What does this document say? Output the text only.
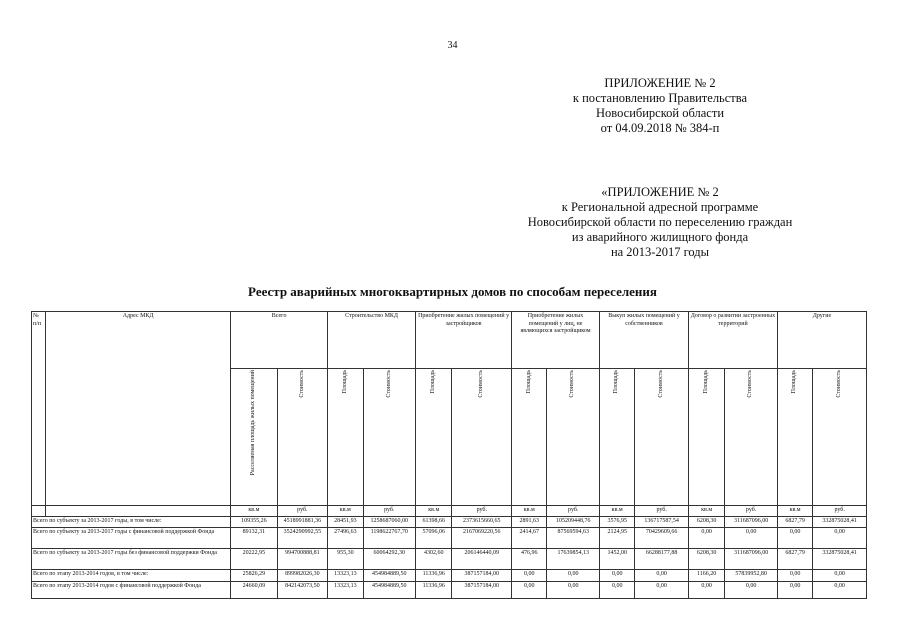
34
ПРИЛОЖЕНИЕ № 2
к постановлению Правительства
Новосибирской области
от 04.09.2018 № 384-п
«ПРИЛОЖЕНИЕ № 2
к Региональной адресной программе
Новосибирской области по переселению граждан
из аварийного жилищного фонда
на 2013-2017 годы
Реестр аварийных многоквартирных домов по способам переселения
№ п/п	Адрес МКД	Всего		Строительство МКД		Приобретение жилых помещений у застройщиков		Приобретение жилых помещений у лиц, не являющихся застройщиком		Выкуп жилых помещений у собственников		Договор о развитии застроенных территорий		Другие	
		Расселяемая площадь жилых помещений	Стоимость	Площадь	Стоимость	Площадь	Стоимость	Площадь	Стоимость	Площадь	Стоимость	Площадь	Стоимость	Площадь	Стоимость
		кв.м	руб.	кв.м	руб.	кв.м	руб.	кв.м	руб.	кв.м	руб.	кв.м	руб.	кв.м	руб.
Всего по субъекту за 2013-2017 годы, в том числе:		109355,26	4518991881,36	28451,93	1258687060,00	61398,66	2373615660,65	2891,63	105209448,76	3576,95	136717587,54	6208,30	311687096,00	6827,79	332875028,41
Всего по субъекту за 2013-2017 годы с финансовой поддержкой Фонда		89132,31	3524290992,55	27496,63	1198622767,70	57096,06	2167069220,56	2414,67	87569594,63	2124,95	70429609,66	0,00	0,00	0,00	0,00
Всего по субъекту за 2013-2017 годы без финансовой поддержки Фонда		20222,95	994700888,81	955,30	60064292,30	4302,60	206146440,09	476,96	17639854,13	1452,00	66288177,88	6208,30	311687096,00	6827,79	332875028,41
Всего по этапу 2013-2014 годов, в том числе:		25826,29	899982026,30	13323,13	454984889,50	11336,96	387157184,00	0,00	0,00	0,00	0,00	1166,20	57839952,80	0,00	0,00
Всего по этапу 2013-2014 годов с финансовой поддержкой Фонда		24660,09	842142073,50	13323,13	454984889,50	11336,96	387157184,00	0,00	0,00	0,00	0,00	0,00	0,00	0,00	0,00
